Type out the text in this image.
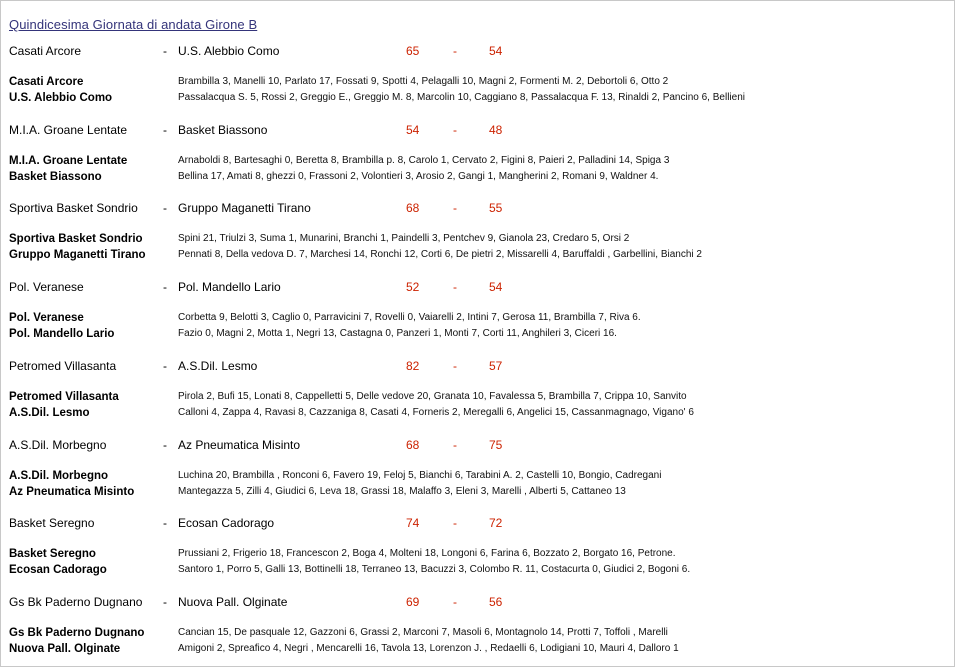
Quindicesima Giornata di andata Girone B
Casati Arcore	- U.S. Alebbio Como	65	-	54
Casati Arcore	Brambilla 3, Manelli 10, Parlato 17, Fossati 9, Spotti 4, Pelagalli 10, Magni 2, Formenti M. 2, Debortoli 6, Otto 2
U.S. Alebbio Como	Passalacqua S. 5, Rossi 2, Greggio E., Greggio M. 8, Marcolin 10, Caggiano 8, Passalacqua F. 13, Rinaldi 2, Pancino 6, Bellieni
M.I.A. Groane Lentate	- Basket Biassono	54	-	48
M.I.A. Groane Lentate	Arnaboldi 8, Bartesaghi 0, Beretta 8, Brambilla p. 8, Carolo 1, Cervato 2, Figini 8, Paieri 2, Palladini 14, Spiga 3
Basket Biassono	Bellina 17, Amati 8, ghezzi 0, Frassoni 2, Volontieri 3, Arosio 2, Gangi 1, Mangherini 2, Romani 9, Waldner 4.
Sportiva Basket Sondrio - Gruppo Maganetti Tirano	68	-	55
Sportiva Basket Sondrio	Spini 21, Triulzi 3, Suma 1, Munarini, Branchi 1, Paindelli 3, Pentchev 9, Gianola 23, Credaro 5, Orsi 2
Gruppo Maganetti Tirano	Pennati 8, Della vedova D. 7, Marchesi 14, Ronchi 12, Corti 6, De pietri 2, Missarelli 4, Baruffaldi , Garbellini, Bianchi 2
Pol. Veranese	- Pol. Mandello Lario	52	-	54
Pol. Veranese	Corbetta 9, Belotti 3, Caglio 0, Parravicini 7, Rovelli 0, Vaiarelli 2, Intini 7, Gerosa 11, Brambilla 7, Riva 6.
Pol. Mandello Lario	Fazio 0, Magni 2, Motta 1, Negri 13, Castagna 0, Panzeri 1, Monti 7, Corti 11, Anghileri 3, Ciceri 16.
Petromed Villasanta	- A.S.Dil. Lesmo	82	-	57
Petromed Villasanta	Pirola 2, Bufi 15, Lonati 8, Cappelletti 5, Delle vedove 20, Granata 10, Favalessa 5, Brambilla 7, Crippa 10, Sanvito
A.S.Dil. Lesmo	Calloni 4, Zappa 4, Ravasi 8, Cazzaniga 8, Casati 4, Forneris 2, Meregalli 6, Angelici 15, Cassanmagnago, Vigano' 6
A.S.Dil. Morbegno	- Az Pneumatica Misinto	68	-	75
A.S.Dil. Morbegno	Luchina 20, Brambilla , Ronconi 6, Favero 19, Feloj 5, Bianchi 6, Tarabini A. 2, Castelli 10, Bongio, Cadregani
Az Pneumatica Misinto	Mantegazza 5, Zilli 4, Giudici 6, Leva 18, Grassi 18, Malaffo 3, Eleni 3, Marelli , Alberti 5, Cattaneo 13
Basket Seregno	- Ecosan Cadorago	74	-	72
Basket Seregno	Prussiani 2, Frigerio 18, Francescon 2, Boga 4, Molteni 18, Longoni 6, Farina 6, Bozzato 2, Borgato 16, Petrone.
Ecosan Cadorago	Santoro 1, Porro 5, Galli 13, Bottinelli 18, Terraneo 13, Bacuzzi 3, Colombo R. 11, Costacurta 0, Giudici 2, Bogoni 6.
Gs Bk Paderno Dugnano - Nuova Pall. Olginate	69	-	56
Gs Bk Paderno Dugnano	Cancian 15, De pasquale 12, Gazzoni 6, Grassi 2, Marconi 7, Masoli 6, Montagnolo 14, Protti 7, Toffoli , Marelli
Nuova Pall. Olginate	Amigoni 2, Spreafico 4, Negri , Mencarelli 16, Tavola 13, Lorenzon J. , Redaelli 6, Lodigiani 10, Mauri 4, Dalloro 1
